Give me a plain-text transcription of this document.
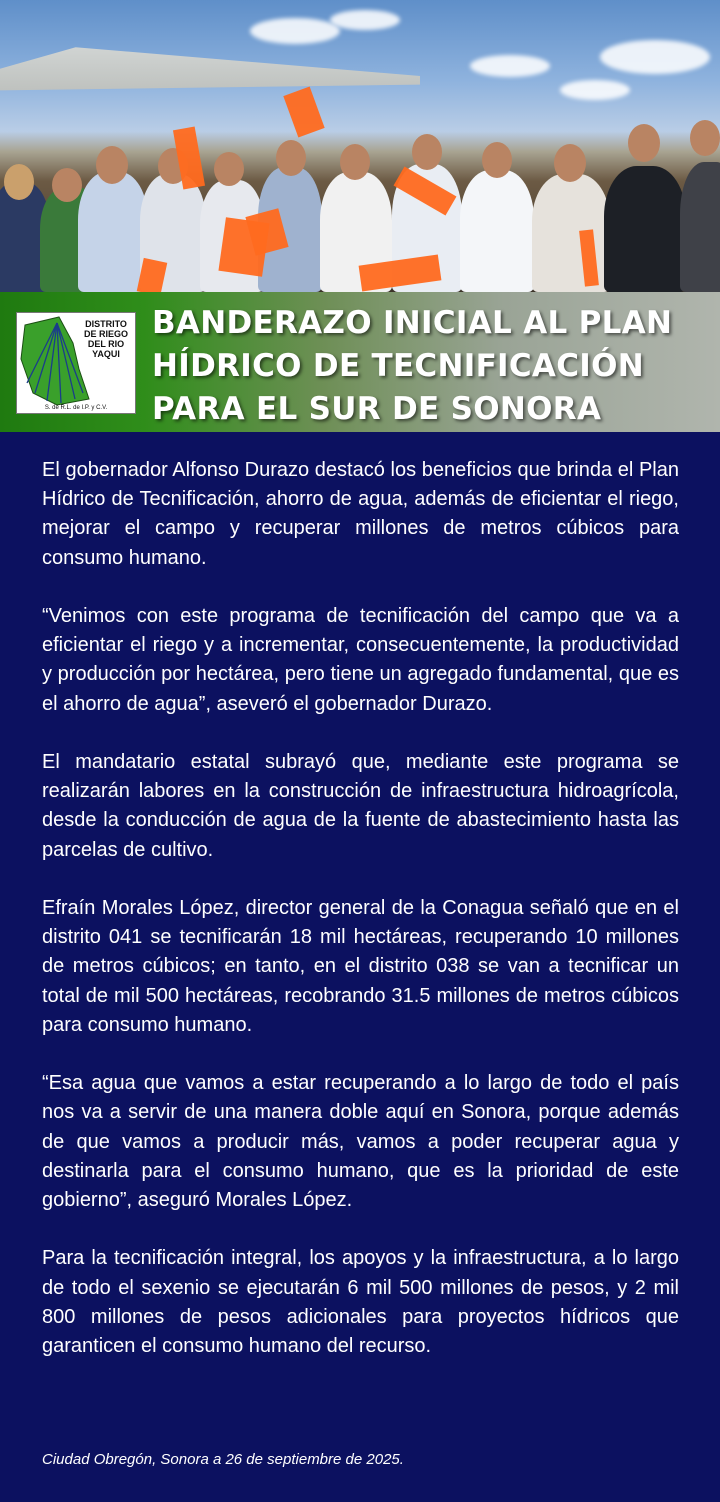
DISTRITO
DE RIEGO
DEL RIO
YAQUI
S. de R.L. de I.P. y C.V.
BANDERAZO INICIAL AL PLAN
HÍDRICO DE TECNIFICACIÓN
PARA EL SUR DE SONORA

El gobernador Alfonso Durazo destacó los beneficios que brinda el Plan Hídrico de Tecnificación, ahorro de agua, además de eficientar el riego, mejorar el campo y recuperar millones de metros cúbicos para consumo humano.

“Venimos con este programa de tecnificación del campo que va a eficientar el riego y a incrementar, consecuentemente, la productividad y producción por hectárea, pero tiene un agregado fundamental, que es el ahorro de agua”, aseveró el gobernador Durazo.

El mandatario estatal subrayó que, mediante este programa se realizarán labores en la construcción de infraestructura hidroagrícola, desde la conducción de agua de la fuente de abastecimiento hasta las parcelas de cultivo.

Efraín Morales López, director general de la Conagua señaló que en el distrito 041 se tecnificarán 18 mil hectáreas, recuperando 10 millones de metros cúbicos; en tanto, en el distrito 038 se van a tecnificar un total de mil 500 hectáreas, recobrando 31.5 millones de metros cúbicos para consumo humano.

“Esa agua que vamos a estar recuperando a lo largo de todo el país nos va a servir de una manera doble aquí en Sonora, porque además de que vamos a producir más, vamos a poder recuperar agua y destinarla para el consumo humano, que es la prioridad de este gobierno”, aseguró Morales López.

Para la tecnificación integral, los apoyos y la infraestructura, a lo largo de todo el sexenio se ejecutarán 6 mil 500 millones de pesos, y 2 mil 800 millones de pesos adicionales para proyectos hídricos que garanticen el consumo humano del recurso.

Ciudad Obregón, Sonora a 26 de septiembre de 2025.
